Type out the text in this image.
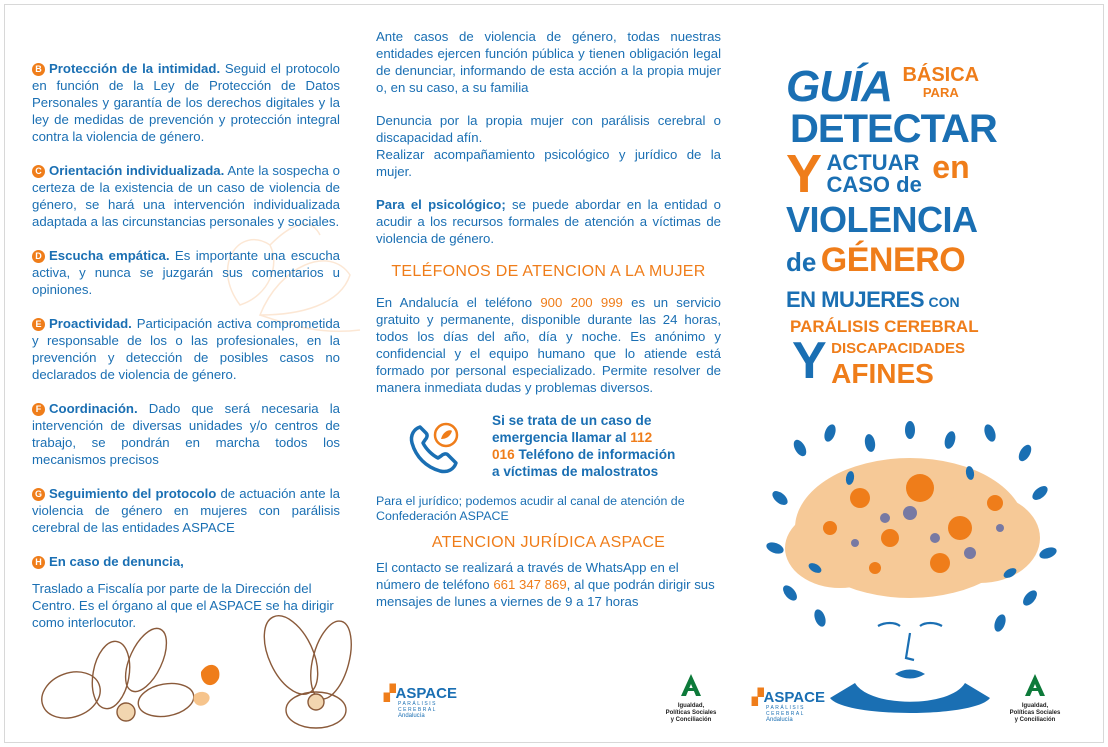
B Protección de la intimidad. Seguid el protocolo en función de la Ley de Protección de Datos Personales y garantía de los derechos digitales y la ley de medidas de prevención y protección integral contra la violencia de género.
C Orientación individualizada. Ante la sospecha o certeza de la existencia de un caso de violencia de género, se hará una intervención individualizada adaptada a las circunstancias personales y sociales.
D Escucha empática. Es importante una escucha activa, y nunca se juzgarán sus comentarios u opiniones.
E Proactividad. Participación activa comprometida y responsable de los o las profesionales, en la prevención y detección de posibles casos no declarados de violencia de género.
F Coordinación. Dado que será necesaria la intervención de diversas unidades y/o centros de trabajo, se pondrán en marcha todos los mecanismos precisos
G Seguimiento del protocolo de actuación ante la violencia de género en mujeres con parálisis cerebral de las entidades ASPACE
H En caso de denuncia,
Traslado a Fiscalía por parte de la Dirección del Centro. Es el órgano al que el ASPACE se ha dirigir como interlocutor.

Ante casos de violencia de género, todas nuestras entidades ejercen función pública y tienen obligación legal de denunciar, informando de esta acción a la propia mujer o, en su caso, a su familia

Denuncia por la propia mujer con parálisis cerebral o discapacidad afín.
Realizar acompañamiento psicológico y jurídico de la mujer.

Para el psicológico; se puede abordar en la entidad o acudir a los recursos formales de atención a víctimas de violencia de género.

TELÉFONOS DE ATENCION A LA MUJER

En Andalucía el teléfono 900 200 999 es un servicio gratuito y permanente, disponible durante las 24 horas, todos los días del año, día y noche. Es anónimo y confidencial y el equipo humano que lo atiende está formado por personal especializado. Permite resolver de manera inmediata dudas y problemas diversos.

Si se trata de un caso de
emergencia llamar al 112
016 Teléfono de información
a víctimas de malostratos

Para el jurídico; podemos acudir al canal de atención de Confederación ASPACE

ATENCION JURÍDICA ASPACE

El contacto se realizará a través de WhatsApp en el número de teléfono 661 347 869, al que podrán dirigir sus mensajes de lunes a viernes de 9 a 17 horas

GUÍA BÁSICA
PARA
DETECTAR
Y ACTUAR
CASO de en
VIOLENCIA
de GÉNERO
EN MUJERES CON
PARÁLISIS CEREBRAL
Y DISCAPACIDADES
AFINES
▞ASPACE
PARÁLISIS CEREBRAL
Andalucía
Igualdad,
Políticas Sociales
y Conciliación
▞ASPACE
PARÁLISIS CEREBRAL
Andalucía
Igualdad,
Políticas Sociales
y Conciliación
